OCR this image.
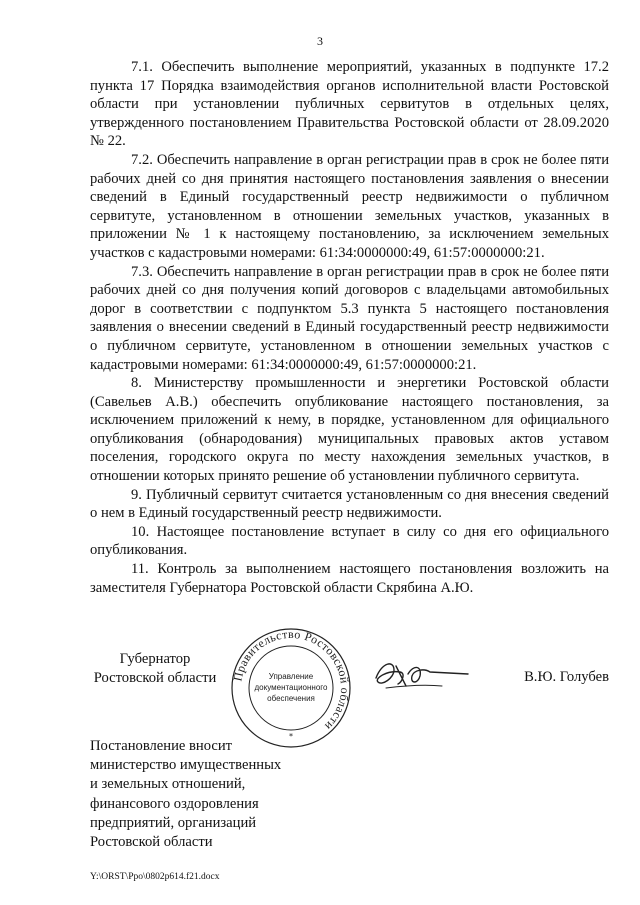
3

7.1. Обеспечить выполнение мероприятий, указанных в подпункте 17.2 пункта 17 Порядка взаимодействия органов исполнительной власти Ростовской области при установлении публичных сервитутов в отдельных целях, утвержденного постановлением Правительства Ростовской области от 28.09.2020 № 22.

7.2. Обеспечить направление в орган регистрации прав в срок не более пяти рабочих дней со дня принятия настоящего постановления заявления о внесении сведений в Единый государственный реестр недвижимости о публичном сервитуте, установленном в отношении земельных участков, указанных в приложении № 1 к настоящему постановлению, за исключением земельных участков с кадастровыми номерами: 61:34:0000000:49, 61:57:0000000:21.

7.3. Обеспечить направление в орган регистрации прав в срок не более пяти рабочих дней со дня получения копий договоров с владельцами автомобильных дорог в соответствии с подпунктом 5.3 пункта 5 настоящего постановления заявления о внесении сведений в Единый государственный реестр недвижимости о публичном сервитуте, установленном в отношении земельных участков с кадастровыми номерами: 61:34:0000000:49, 61:57:0000000:21.

8. Министерству промышленности и энергетики Ростовской области (Савельев А.В.) обеспечить опубликование настоящего постановления, за исключением приложений к нему, в порядке, установленном для официального опубликования (обнародования) муниципальных правовых актов уставом поселения, городского округа по месту нахождения земельных участков, в отношении которых принято решение об установлении публичного сервитута.

9. Публичный сервитут считается установленным со дня внесения сведений о нем в Единый государственный реестр недвижимости.

10. Настоящее постановление вступает в силу со дня его официального опубликования.

11. Контроль за выполнением настоящего постановления возложить на заместителя Губернатора Ростовской области Скрябина А.Ю.

Губернатор
Ростовской области	Правительство Ростовской области
Управление
документационного
обеспечения
*
В.Ю. Голубев
Постановление вносит
министерство имущественных
и земельных отношений,
финансового оздоровления
предприятий, организаций
Ростовской области
Y:\ORST\Ppo\0802p614.f21.docx
